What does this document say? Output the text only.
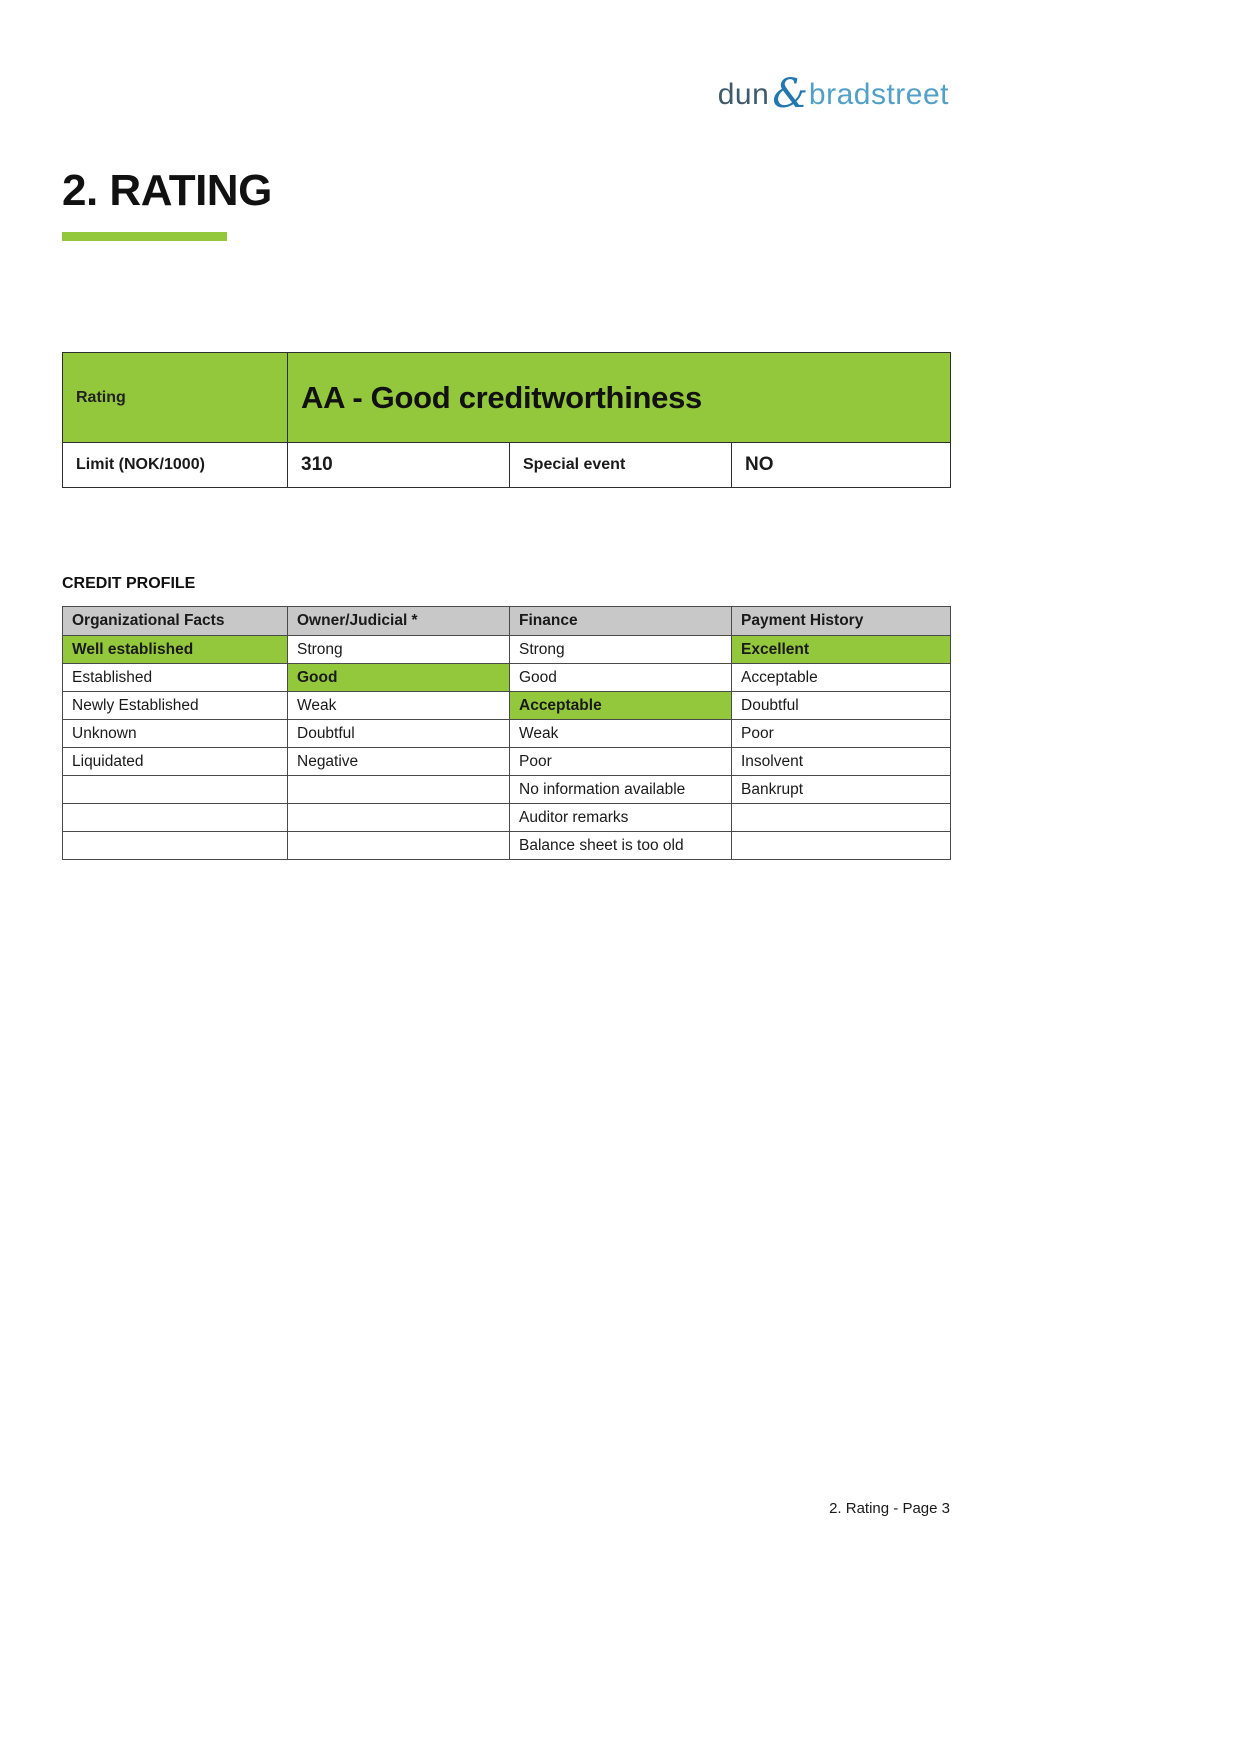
dun & bradstreet
2. RATING
Rating	AA - Good creditworthiness		
Limit (NOK/1000)	310	Special event	NO
CREDIT PROFILE
Organizational Facts	Owner/Judicial *	Finance	Payment History
Well established	Strong	Strong	Excellent
Established	Good	Good	Acceptable
Newly Established	Weak	Acceptable	Doubtful
Unknown	Doubtful	Weak	Poor
Liquidated	Negative	Poor	Insolvent
		No information available	Bankrupt
		Auditor remarks	
		Balance sheet is too old	
2. Rating - Page 3
